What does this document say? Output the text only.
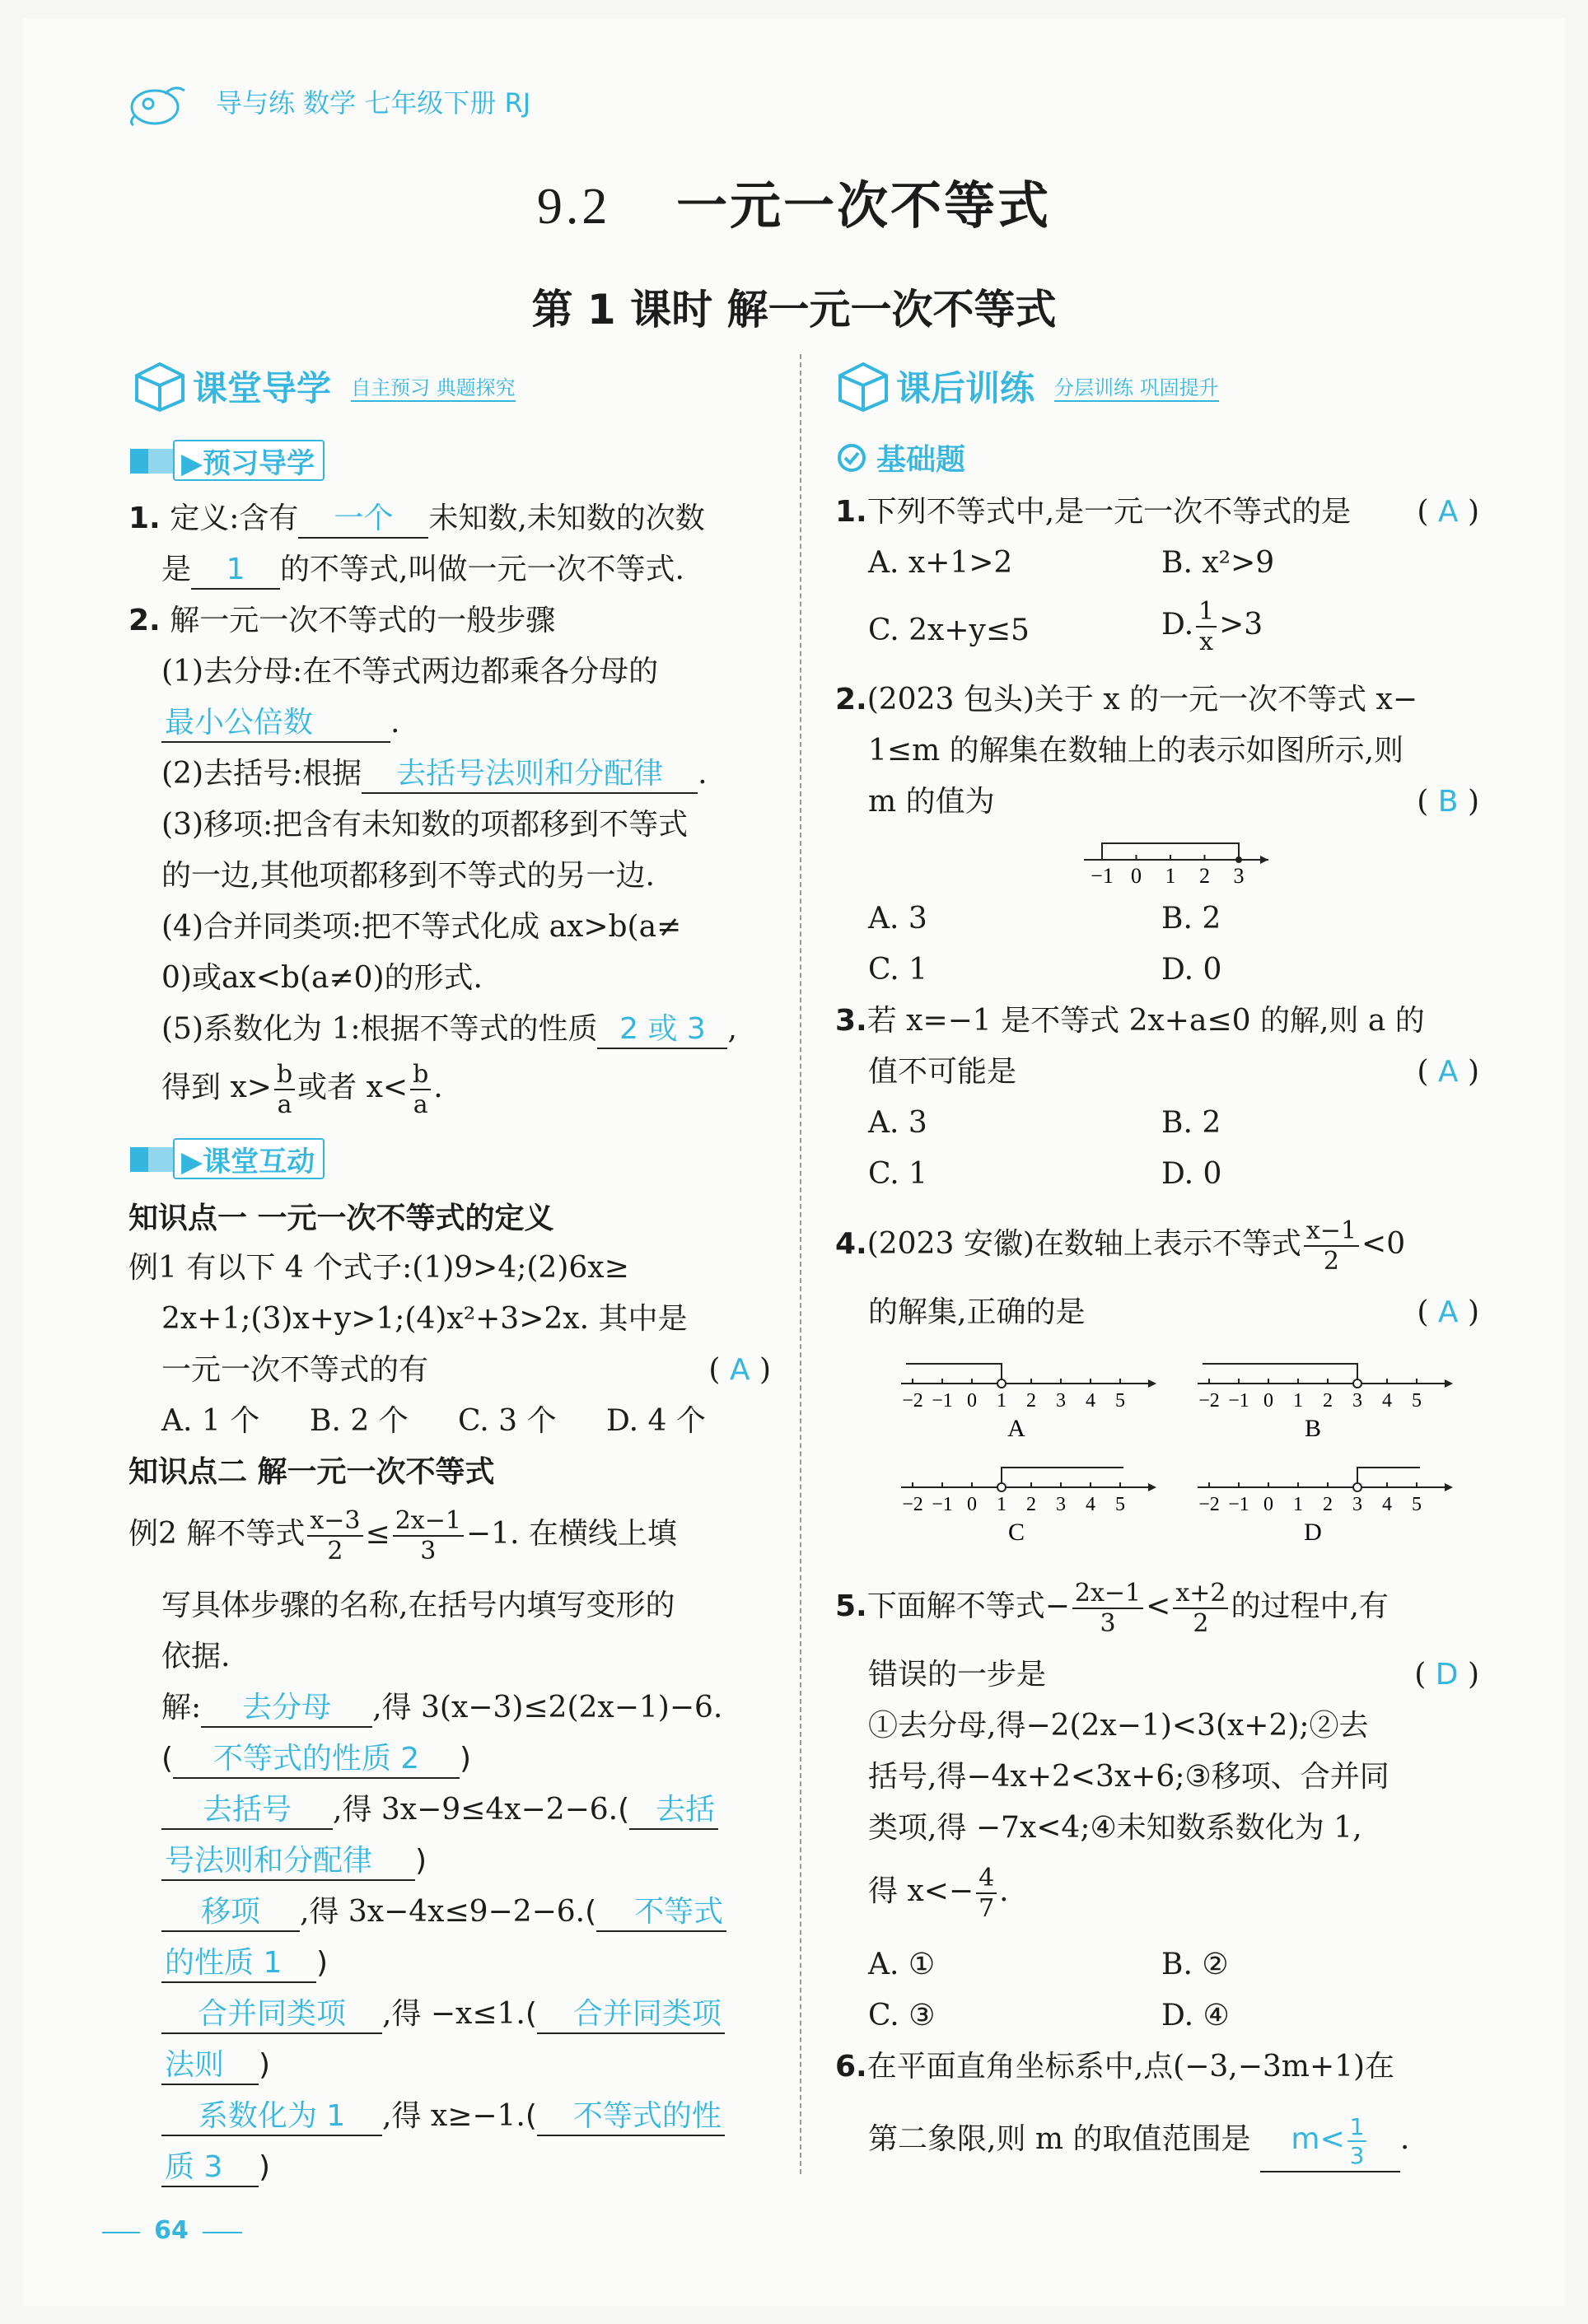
导与练 数学 七年级下册 RJ
9.2 一元一次不等式
第 1 课时 解一元一次不等式
课堂导学 自主预习 典题探究
▶预习导学
1. 定义:含有 一个 未知数,未知数的次数
是 1 的不等式,叫做一元一次不等式.
2. 解一元一次不等式的一般步骤
(1)去分母:在不等式两边都乘各分母的
最小公倍数	.
(2)去括号:根据 去括号法则和分配律 .
(3)移项:把含有未知数的项都移到不等式
的一边,其他项都移到不等式的另一边.
(4)合并同类项:把不等式化成 ax>b(a≠
0)或ax<b(a≠0)的形式.
(5)系数化为 1:根据不等式的性质 2 或 3 ,
得到 $x> \frac{b}{a}$ 或者 $x< \frac{b}{a}$ .
▶课堂互动
知识点一 一元一次不等式的定义
例1 有以下 4 个式子:(1)9>4;(2)6x≥
2x+1;(3)x+y>1;(4)x²+3>2x. 其中是
一元一次不等式的有	( A )
A. 1 个 B. 2 个 C. 3 个 D. 4 个
知识点二 解一元一次不等式
例2 解不等式 $\frac{x-3}{2} \le \frac{2x-1}{3} -1$. 在横线上填
写具体步骤的名称,在括号内填写变形的
依据.
解: 去分母 ,得 3(x−3)≤2(2x−1)−6.
( 不等式的性质 2 )
去括号 ,得 3x−9≤4x−2−6.( 去括
号法则和分配律 )
移项 ,得 3x−4x≤9−2−6.( 不等式
的性质 1 )
合并同类项 ,得 −x≤1.( 合并同类项
法则 )
系数化为 1 ,得 x≥−1.( 不等式的性
质 3 )
课后训练 分层训练 巩固提升
基础题
1.下列不等式中,是一元一次不等式的是 ( A )
A. x+1>2	B. x²>9
C. 2x+y≤5	D. $\frac{1}{x} >3$
2.(2023 包头)关于 x 的一元一次不等式 x−
1≤m 的解集在数轴上的表示如图所示,则
m 的值为	( B )
−1 0 1 2 3
A. 3	B. 2
C. 1	D. 0
3.若 x=−1 是不等式 2x+a≤0 的解,则 a 的
值不可能是	( A )
A. 3	B. 2
C. 1	D. 0
4.(2023 安徽)在数轴上表示不等式 $\frac{x-1}{2} <0$
的解集,正确的是	( A )
−2 −1 0 1 2 3 4 5
A
−2 −1 0 1 2 3 4 5
B
−2 −1 0 1 2 3 4 5
C
−2 −1 0 1 2 3 4 5
D
5.下面解不等式− $\frac{2x-1}{3} < \frac{x+2}{2}$ 的过程中,有
错误的一步是	( D )
①去分母,得−2(2x−1)<3(x+2);②去
括号,得−4x+2<3x+6;③移项、合并同
类项,得 −7x<4;④未知数系数化为 1,
得 $x<- \frac{4}{7}$ .
A. ①	B. ②
C. ③	D. ④
6.在平面直角坐标系中,点(−3,−3m+1)在
第二象限,则 m 的取值范围是 $m< \frac{1}{3}$ .
64
